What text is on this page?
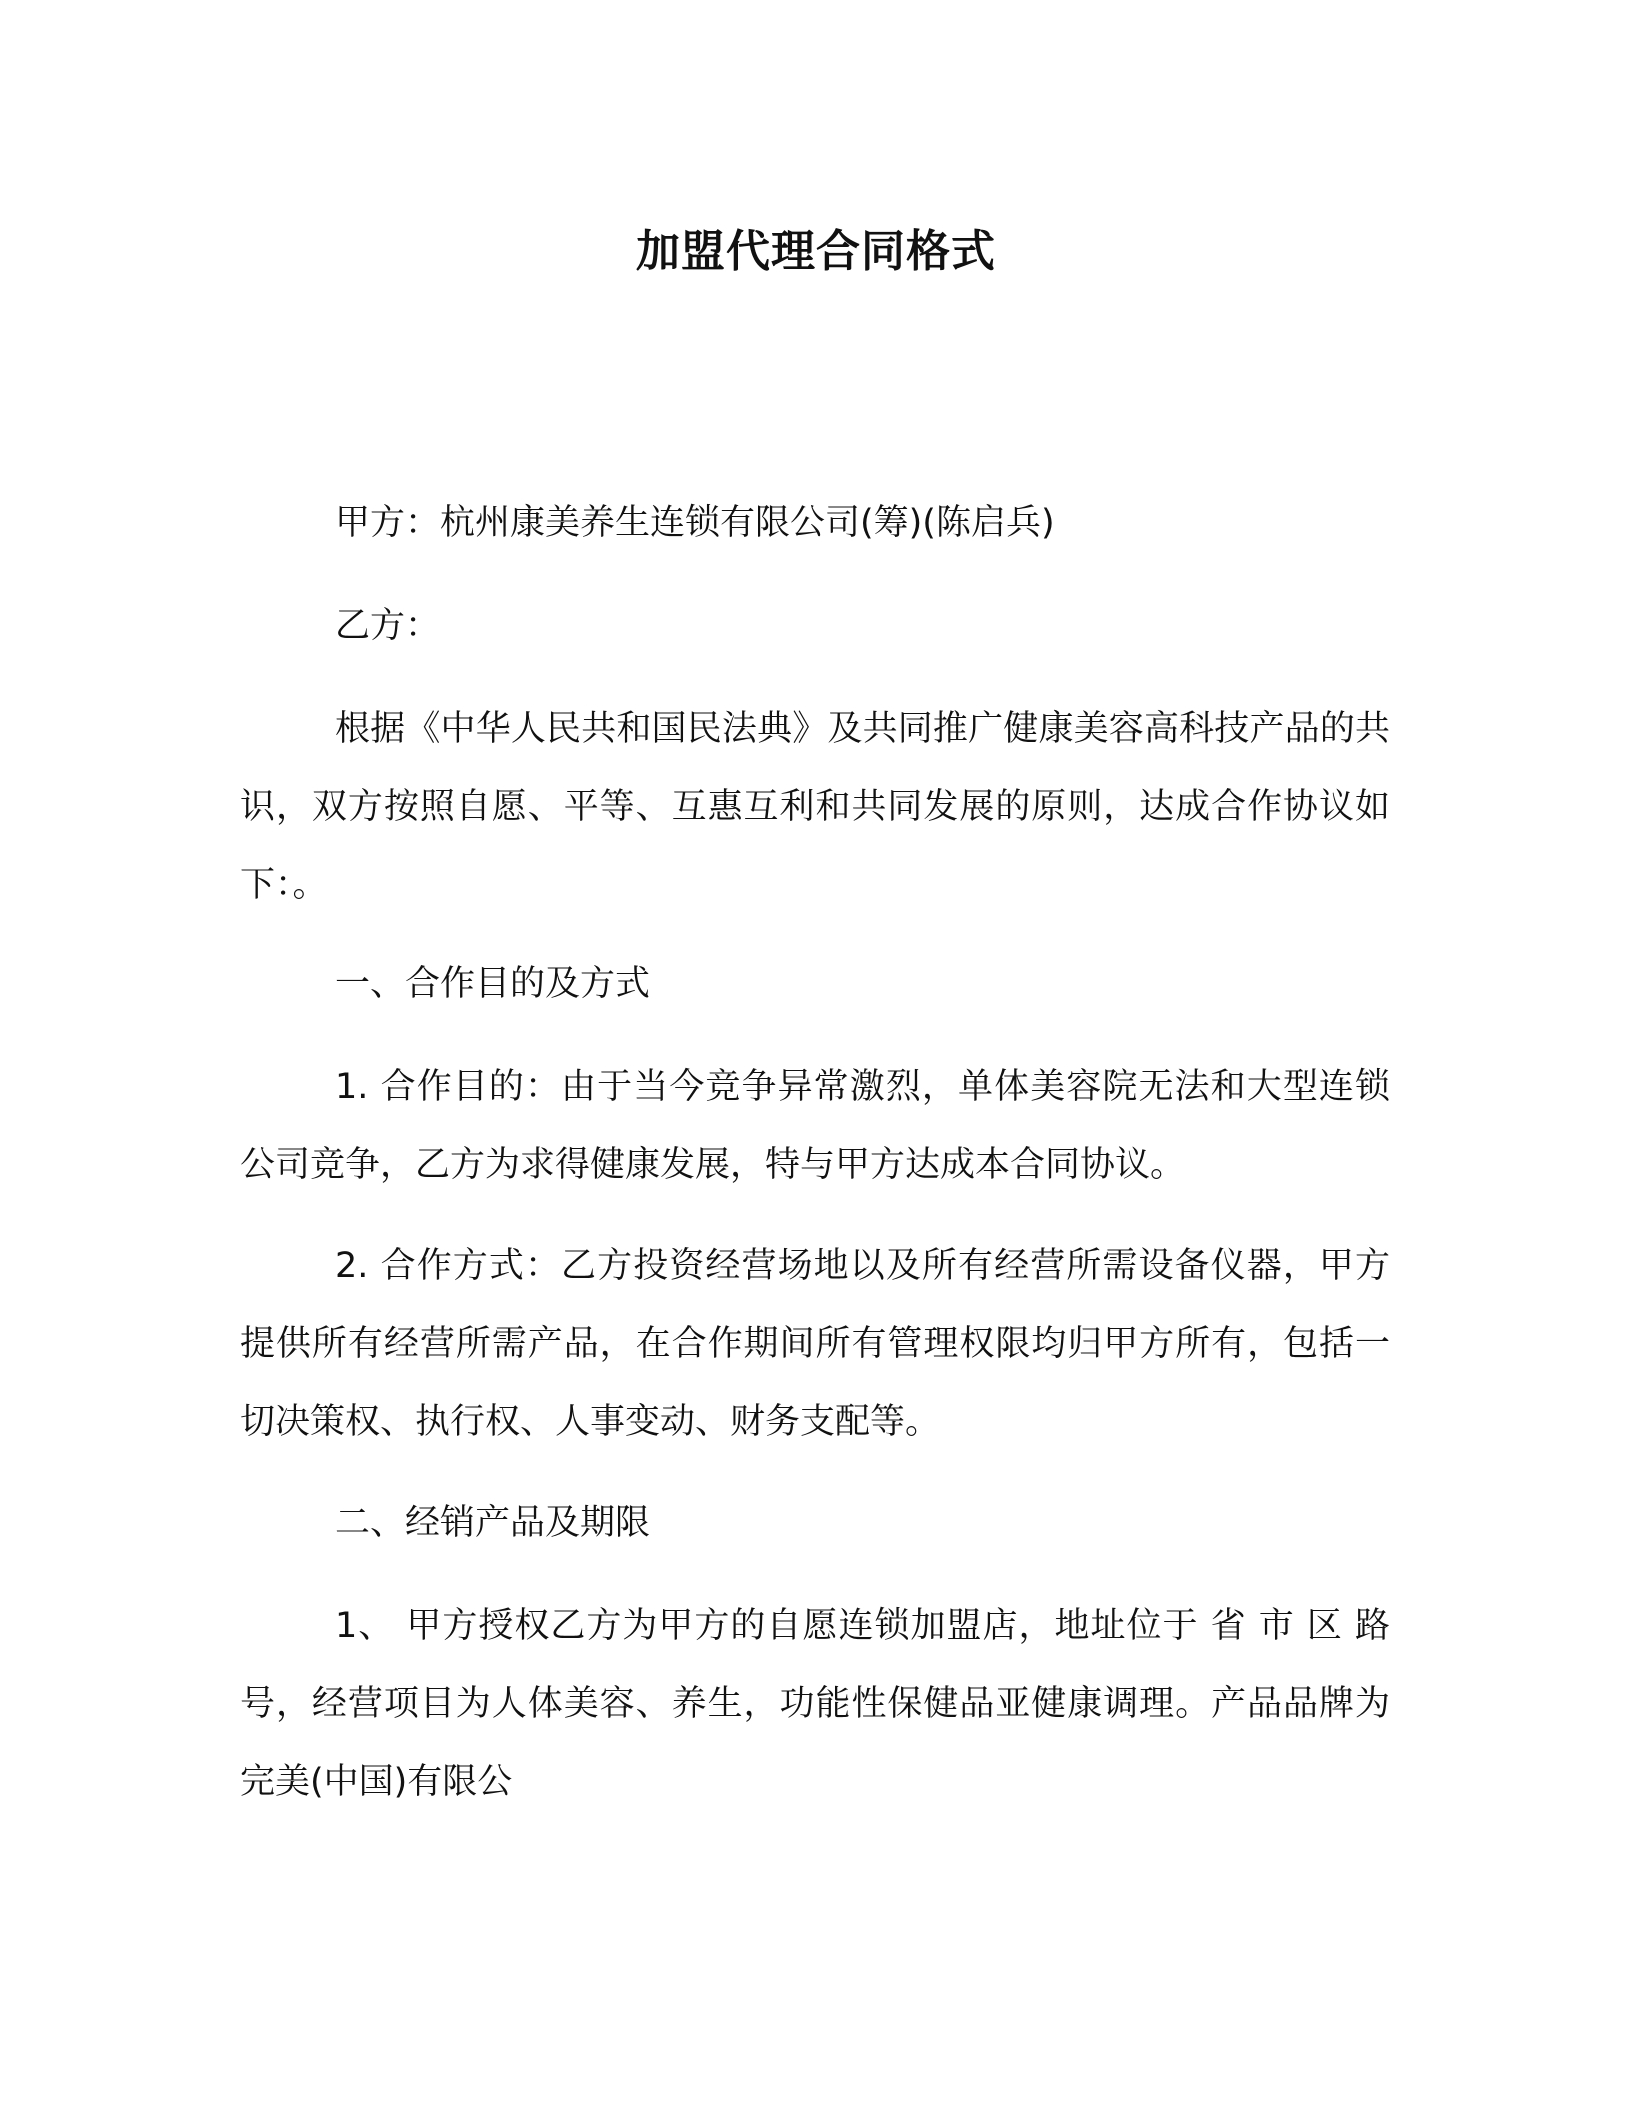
加盟代理合同格式

甲方：杭州康美养生连锁有限公司(筹)(陈启兵)

乙方：

根据《中华人民共和国民法典》及共同推广健康美容高科技产品的共识，双方按照自愿、平等、互惠互利和共同发展的原则，达成合作协议如下：。

一、合作目的及方式

1. 合作目的：由于当今竞争异常激烈，单体美容院无法和大型连锁公司竞争，乙方为求得健康发展，特与甲方达成本合同协议。

2. 合作方式：乙方投资经营场地以及所有经营所需设备仪器，甲方提供所有经营所需产品，在合作期间所有管理权限均归甲方所有，包括一切决策权、执行权、人事变动、财务支配等。

二、经销产品及期限

1、 甲方授权乙方为甲方的自愿连锁加盟店，地址位于 省 市 区 路 号，经营项目为人体美容、养生，功能性保健品亚健康调理。产品品牌为完美(中国)有限公
